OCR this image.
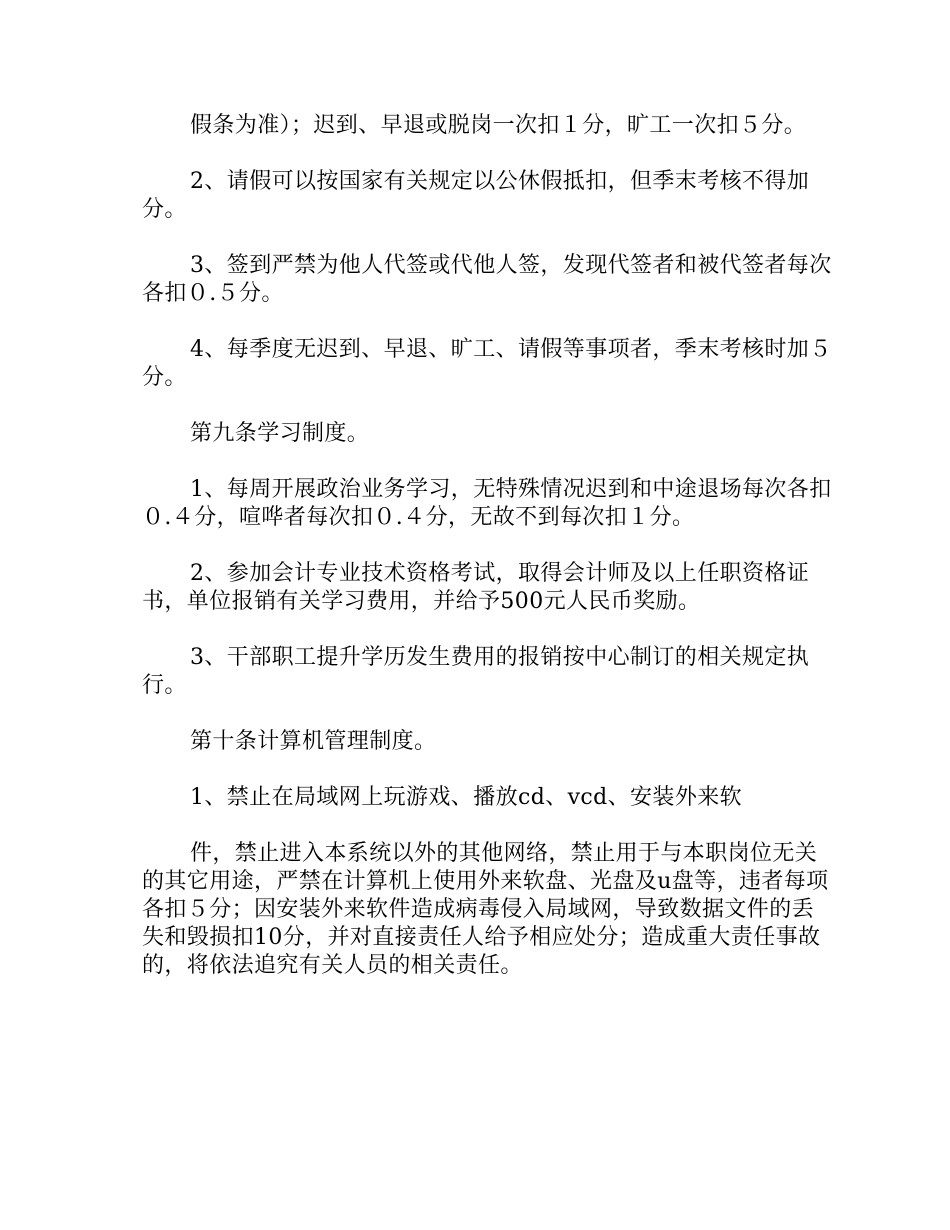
假条为准）；迟到、早退或脱岗一次扣１分，旷工一次扣５分。

2、请假可以按国家有关规定以公休假抵扣，但季末考核不得加分。

3、签到严禁为他人代签或代他人签，发现代签者和被代签者每次各扣０.５分。

4、每季度无迟到、早退、旷工、请假等事项者，季末考核时加５分。

第九条学习制度。

1、每周开展政治业务学习，无特殊情况迟到和中途退场每次各扣０.４分，喧哗者每次扣０.４分，无故不到每次扣１分。

2、参加会计专业技术资格考试，取得会计师及以上任职资格证书，单位报销有关学习费用，并给予500元人民币奖励。

3、干部职工提升学历发生费用的报销按中心制订的相关规定执行。

第十条计算机管理制度。

1、禁止在局域网上玩游戏、播放cd、vcd、安装外来软

件，禁止进入本系统以外的其他网络，禁止用于与本职岗位无关的其它用途，严禁在计算机上使用外来软盘、光盘及u盘等，违者每项各扣５分；因安装外来软件造成病毒侵入局域网，导致数据文件的丢失和毁损扣10分，并对直接责任人给予相应处分；造成重大责任事故的，将依法追究有关人员的相关责任。
